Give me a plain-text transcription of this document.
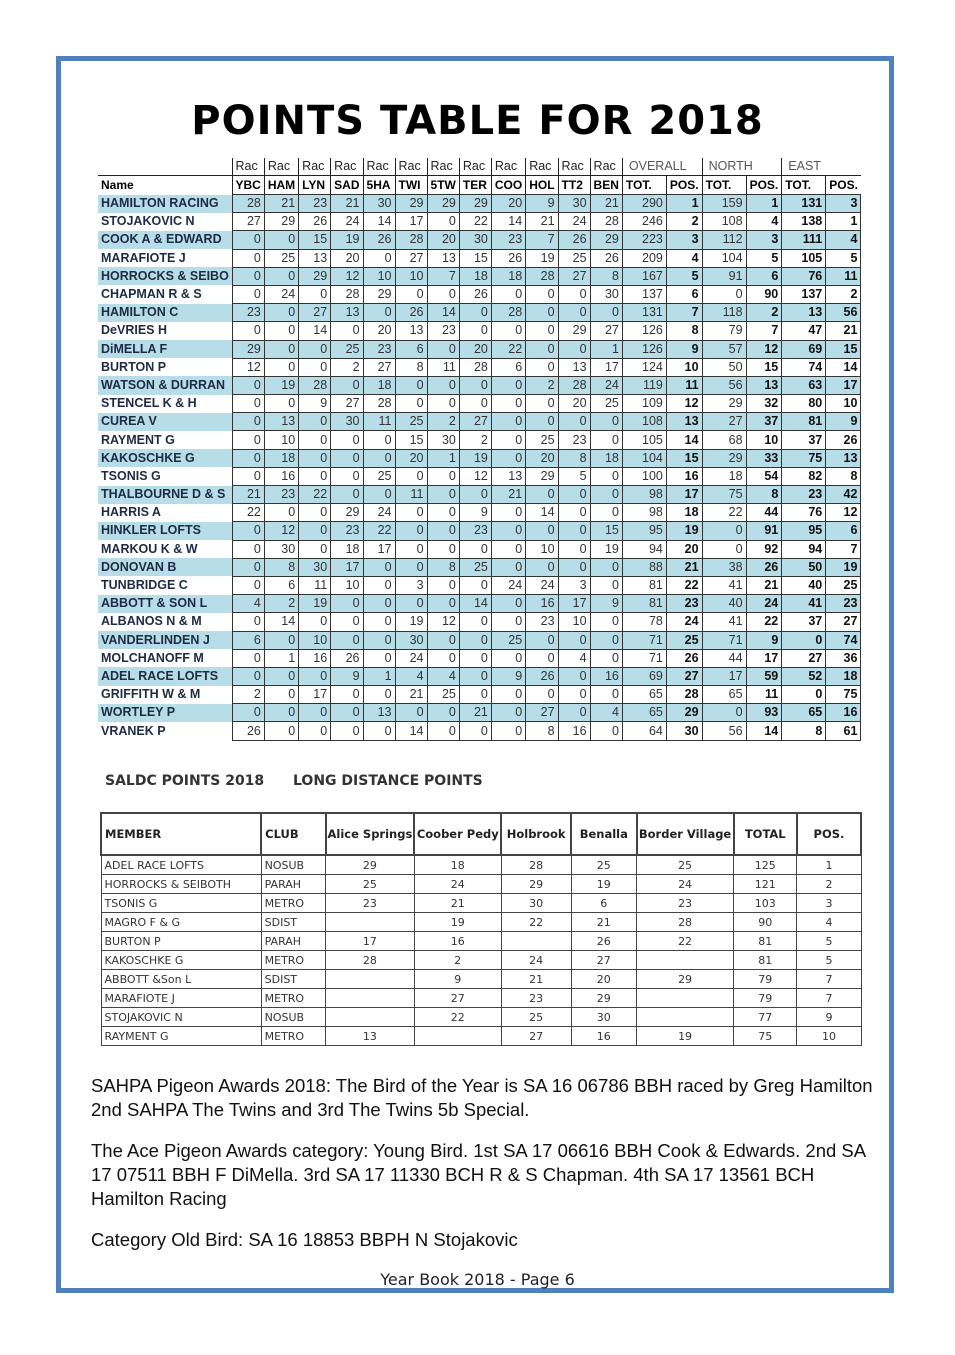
POINTS TABLE FOR 2018
	Rac	Rac	Rac	Rac	Rac	Rac	Rac	Rac	Rac	Rac	Rac	Rac	OVERALL		NORTH		EAST	
Name	YBC	HAM	LYN	SAD	5HA	TWI	5TW	TER	COO	HOL	TT2	BEN	TOT.	POS.	TOT.	POS.	TOT.	POS.
HAMILTON RACING	28	21	23	21	30	29	29	29	20	9	30	21	290	1	159	1	131	3
STOJAKOVIC N	27	29	26	24	14	17	0	22	14	21	24	28	246	2	108	4	138	1
COOK A & EDWARD	0	0	15	19	26	28	20	30	23	7	26	29	223	3	112	3	111	4
MARAFIOTE J	0	25	13	20	0	27	13	15	26	19	25	26	209	4	104	5	105	5
HORROCKS & SEIBO	0	0	29	12	10	10	7	18	18	28	27	8	167	5	91	6	76	11
CHAPMAN R & S	0	24	0	28	29	0	0	26	0	0	0	30	137	6	0	90	137	2
HAMILTON C	23	0	27	13	0	26	14	0	28	0	0	0	131	7	118	2	13	56
DeVRIES H	0	0	14	0	20	13	23	0	0	0	29	27	126	8	79	7	47	21
DiMELLA F	29	0	0	25	23	6	0	20	22	0	0	1	126	9	57	12	69	15
BURTON P	12	0	0	2	27	8	11	28	6	0	13	17	124	10	50	15	74	14
WATSON & DURRAN	0	19	28	0	18	0	0	0	0	2	28	24	119	11	56	13	63	17
STENCEL K & H	0	0	9	27	28	0	0	0	0	0	20	25	109	12	29	32	80	10
CUREA V	0	13	0	30	11	25	2	27	0	0	0	0	108	13	27	37	81	9
RAYMENT G	0	10	0	0	0	15	30	2	0	25	23	0	105	14	68	10	37	26
KAKOSCHKE G	0	18	0	0	0	20	1	19	0	20	8	18	104	15	29	33	75	13
TSONIS G	0	16	0	0	25	0	0	12	13	29	5	0	100	16	18	54	82	8
THALBOURNE D & S	21	23	22	0	0	11	0	0	21	0	0	0	98	17	75	8	23	42
HARRIS A	22	0	0	29	24	0	0	9	0	14	0	0	98	18	22	44	76	12
HINKLER LOFTS	0	12	0	23	22	0	0	23	0	0	0	15	95	19	0	91	95	6
MARKOU K & W	0	30	0	18	17	0	0	0	0	10	0	19	94	20	0	92	94	7
DONOVAN B	0	8	30	17	0	0	8	25	0	0	0	0	88	21	38	26	50	19
TUNBRIDGE C	0	6	11	10	0	3	0	0	24	24	3	0	81	22	41	21	40	25
ABBOTT & SON L	4	2	19	0	0	0	0	14	0	16	17	9	81	23	40	24	41	23
ALBANOS N & M	0	14	0	0	0	19	12	0	0	23	10	0	78	24	41	22	37	27
VANDERLINDEN J	6	0	10	0	0	30	0	0	25	0	0	0	71	25	71	9	0	74
MOLCHANOFF M	0	1	16	26	0	24	0	0	0	0	4	0	71	26	44	17	27	36
ADEL RACE LOFTS	0	0	0	9	1	4	4	0	9	26	0	16	69	27	17	59	52	18
GRIFFITH W & M	2	0	17	0	0	21	25	0	0	0	0	0	65	28	65	11	0	75
WORTLEY P	0	0	0	0	13	0	0	21	0	27	0	4	65	29	0	93	65	16
VRANEK P	26	0	0	0	0	14	0	0	0	8	16	0	64	30	56	14	8	61
SALDC POINTS 2018 LONG DISTANCE POINTS
MEMBER	CLUB	Alice Springs	Coober Pedy	Holbrook	Benalla	Border Village	TOTAL	POS.
ADEL RACE LOFTS	NOSUB	29	18	28	25	25	125	1
HORROCKS & SEIBOTH	PARAH	25	24	29	19	24	121	2
TSONIS G	METRO	23	21	30	6	23	103	3
MAGRO F & G	SDIST		19	22	21	28	90	4
BURTON P	PARAH	17	16		26	22	81	5
KAKOSCHKE G	METRO	28	2	24	27		81	5
ABBOTT &Son L	SDIST		9	21	20	29	79	7
MARAFIOTE J	METRO		27	23	29		79	7
STOJAKOVIC N	NOSUB		22	25	30		77	9
RAYMENT G	METRO	13		27	16	19	75	10
SAHPA Pigeon Awards 2018: The Bird of the Year is SA 16 06786 BBH raced by Greg Hamilton 2nd SAHPA The Twins and 3rd The Twins 5b Special.
The Ace Pigeon Awards category: Young Bird. 1st SA 17 06616 BBH Cook & Edwards. 2nd SA 17 07511 BBH F DiMella. 3rd SA 17 11330 BCH R & S Chapman. 4th SA 17 13561 BCH Hamilton Racing
Category Old Bird: SA 16 18853 BBPH N Stojakovic
Year Book 2018 - Page 6
